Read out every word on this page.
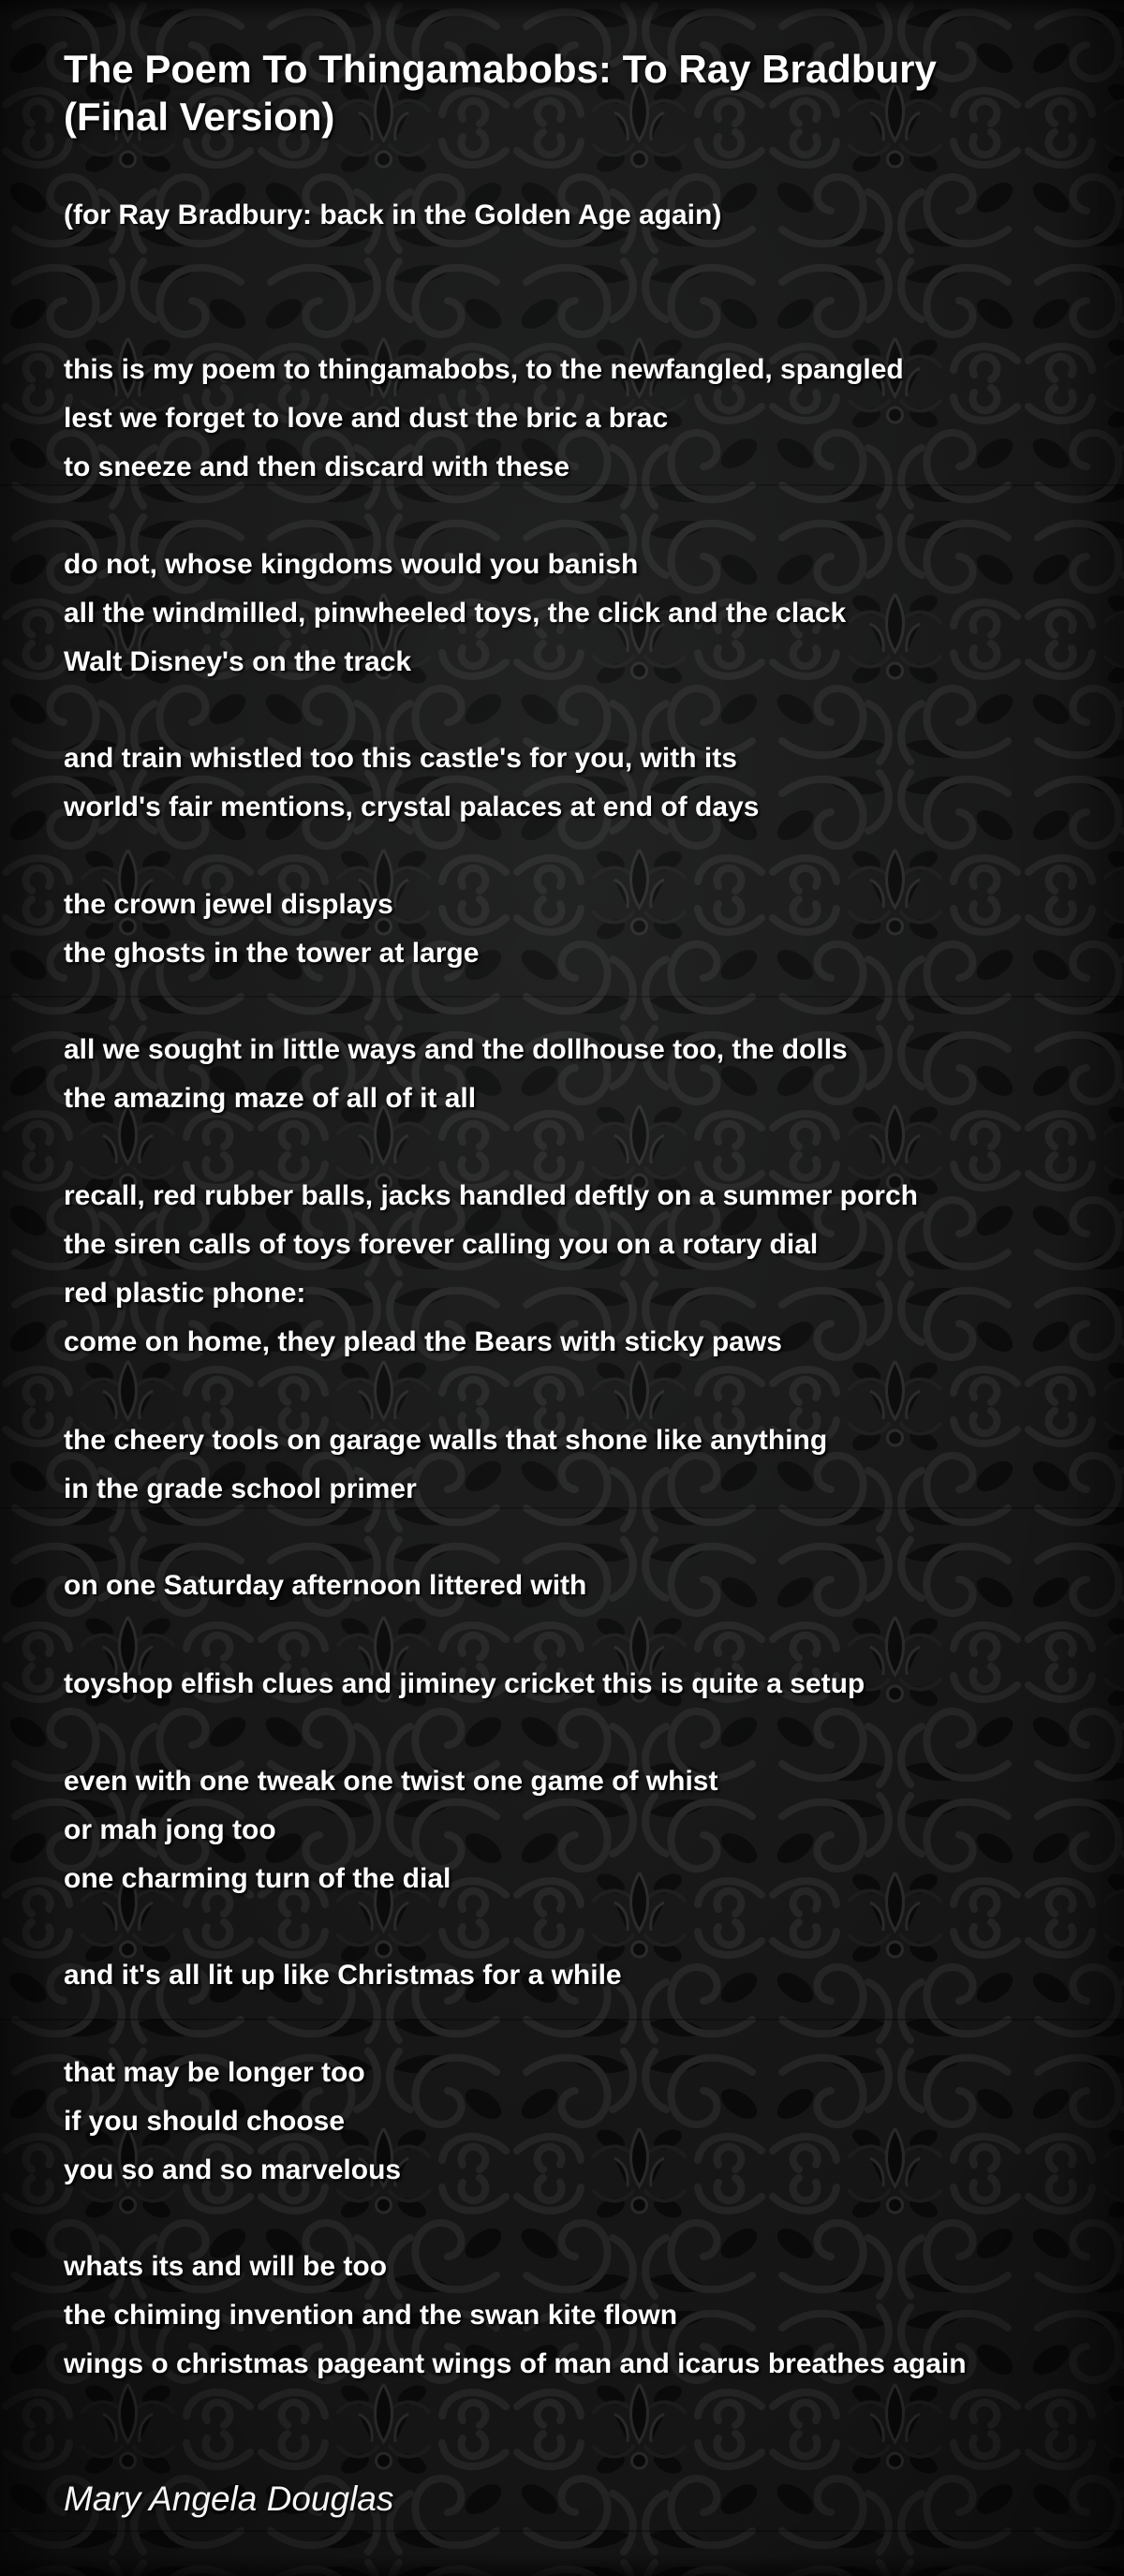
The Poem To Thingamabobs: To Ray Bradbury
(Final Version)

(for Ray Bradbury: back in the Golden Age again)

this is my poem to thingamabobs, to the newfangled, spangled

lest we forget to love and dust the bric a brac

to sneeze and then discard with these

do not, whose kingdoms would you banish

all the windmilled, pinwheeled toys, the click and the clack

Walt Disney's on the track

and train whistled too this castle's for you, with its

world's fair mentions, crystal palaces at end of days

the crown jewel displays

the ghosts in the tower at large

all we sought in little ways and the dollhouse too, the dolls

the amazing maze of all of it all

recall, red rubber balls, jacks handled deftly on a summer porch

the siren calls of toys forever calling you on a rotary dial

red plastic phone:

come on home, they plead the Bears with sticky paws

the cheery tools on garage walls that shone like anything

in the grade school primer

on one Saturday afternoon littered with

toyshop elfish clues and jiminey cricket this is quite a setup

even with one tweak one twist one game of whist

or mah jong too

one charming turn of the dial

and it's all lit up like Christmas for a while

that may be longer too

if you should choose

you so and so marvelous

whats its and will be too

the chiming invention and the swan kite flown

wings o christmas pageant wings of man and icarus breathes again

Mary Angela Douglas
